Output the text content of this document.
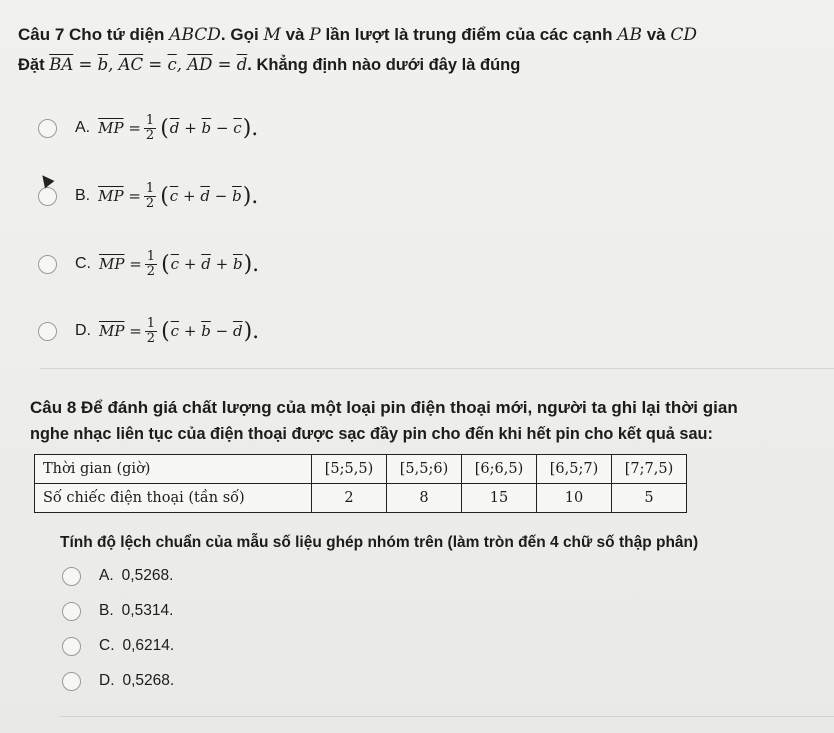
Câu 7 Cho tứ diện ABCD. Gọi M và P lần lượt là trung điểm của các cạnh AB và CD
Đặt $\overline{BA} = \overline{b}$, $\overline{AC} = \overline{c}$, $\overline{AD} = \overline{d}$. Khẳng định nào dưới đây là đúng
A. $\overline{MP} = \frac{1}{2}$ ( $\overline{d}$
+
$\overline{b}$
−
$\overline{c}$ ).
B. $\overline{MP} = \frac{1}{2}$ ( $\overline{c}$
+
$\overline{d}$
−
$\overline{b}$ ).
C. $\overline{MP} = \frac{1}{2}$ ( $\overline{c}$
+
$\overline{d}$
+
$\overline{b}$ ).
D. $\overline{MP} = \frac{1}{2}$ ( $\overline{c}$
+
$\overline{b}$
−
$\overline{d}$ ).
Câu 8 Để đánh giá chất lượng của một loại pin điện thoại mới, người ta ghi lại thời gian
nghe nhạc liên tục của điện thoại được sạc đầy pin cho đến khi hết pin cho kết quả sau:
Thời gian (giờ)	[5;5,5)	[5,5;6)	[6;6,5)	[6,5;7)	[7;7,5)
Số chiếc điện thoại (tần số)	2	8	15	10	5
Tính độ lệch chuẩn của mẫu số liệu ghép nhóm trên (làm tròn đến 4 chữ số thập phân)
A. 0,5268.
B. 0,5314.
C. 0,6214.
D. 0,5268.
